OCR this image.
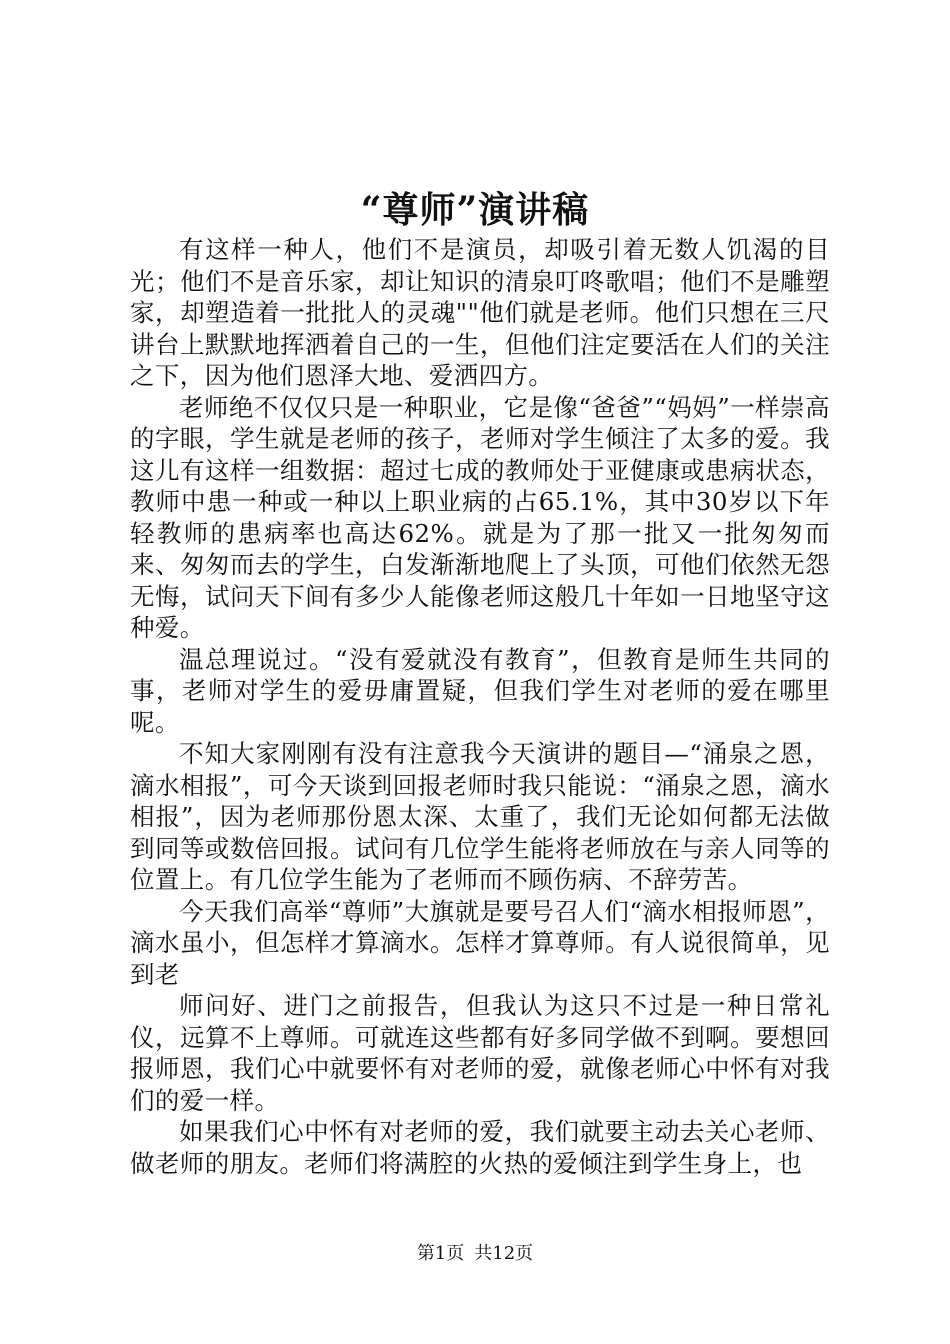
“尊师”演讲稿

有这样一种人，他们不是演员，却吸引着无数人饥渴的目光；他们不是音乐家，却让知识的清泉叮咚歌唱；他们不是雕塑家，却塑造着一批批人的灵魂""他们就是老师。他们只想在三尺讲台上默默地挥洒着自己的一生，但他们注定要活在人们的关注之下，因为他们恩泽大地、爱洒四方。

老师绝不仅仅只是一种职业，它是像“爸爸”“妈妈”一样崇高的字眼，学生就是老师的孩子，老师对学生倾注了太多的爱。我这儿有这样一组数据：超过七成的教师处于亚健康或患病状态，教师中患一种或一种以上职业病的占65.1%，其中30岁以下年轻教师的患病率也高达62%。就是为了那一批又一批匆匆而来、匆匆而去的学生，白发渐渐地爬上了头顶，可他们依然无怨无悔，试问天下间有多少人能像老师这般几十年如一日地坚守这种爱。

温总理说过。“没有爱就没有教育”，但教育是师生共同的事，老师对学生的爱毋庸置疑，但我们学生对老师的爱在哪里呢。

不知大家刚刚有没有注意我今天演讲的题目—“涌泉之恩，滴水相报”，可今天谈到回报老师时我只能说：“涌泉之恩，滴水相报”，因为老师那份恩太深、太重了，我们无论如何都无法做到同等或数倍回报。试问有几位学生能将老师放在与亲人同等的位置上。有几位学生能为了老师而不顾伤病、不辞劳苦。

今天我们高举“尊师”大旗就是要号召人们“滴水相报师恩”，滴水虽小，但怎样才算滴水。怎样才算尊师。有人说很简单，见到老

师问好、进门之前报告，但我认为这只不过是一种日常礼仪，远算不上尊师。可就连这些都有好多同学做不到啊。要想回报师恩，我们心中就要怀有对老师的爱，就像老师心中怀有对我们的爱一样。

如果我们心中怀有对老师的爱，我们就要主动去关心老师、做老师的朋友。老师们将满腔的火热的爱倾注到学生身上，也

第1页 共12页
